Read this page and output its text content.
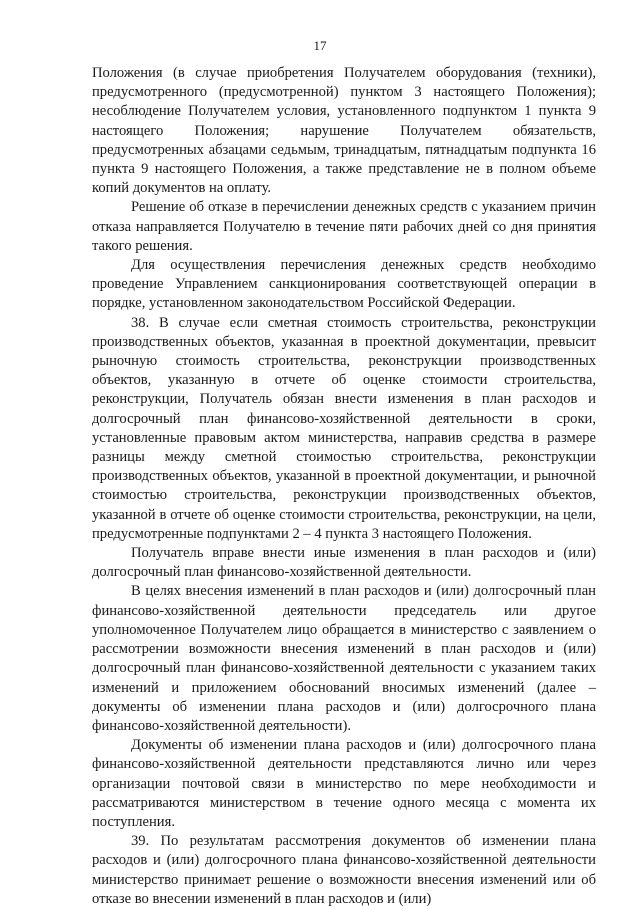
17

Положения (в случае приобретения Получателем оборудования (техники), предусмотренного (предусмотренной) пунктом 3 настоящего Положения); несоблюдение Получателем условия, установленного подпунктом 1 пункта 9 настоящего Положения; нарушение Получателем обязательств, предусмотренных абзацами седьмым, тринадцатым, пятнадцатым подпункта 16 пункта 9 настоящего Положения, а также представление не в полном объеме копий документов на оплату.

Решение об отказе в перечислении денежных средств с указанием причин отказа направляется Получателю в течение пяти рабочих дней со дня принятия такого решения.

Для осуществления перечисления денежных средств необходимо проведение Управлением санкционирования соответствующей операции в порядке, установленном законодательством Российской Федерации.

38. В случае если сметная стоимость строительства, реконструкции производственных объектов, указанная в проектной документации, превысит рыночную стоимость строительства, реконструкции производственных объектов, указанную в отчете об оценке стоимости строительства, реконструкции, Получатель обязан внести изменения в план расходов и долгосрочный план финансово-хозяйственной деятельности в сроки, установленные правовым актом министерства, направив средства в размере разницы между сметной стоимостью строительства, реконструкции производственных объектов, указанной в проектной документации, и рыночной стоимостью строительства, реконструкции производственных объектов, указанной в отчете об оценке стоимости строительства, реконструкции, на цели, предусмотренные подпунктами 2 – 4 пункта 3 настоящего Положения.

Получатель вправе внести иные изменения в план расходов и (или) долгосрочный план финансово-хозяйственной деятельности.

В целях внесения изменений в план расходов и (или) долгосрочный план финансово-хозяйственной деятельности председатель или другое уполномоченное Получателем лицо обращается в министерство с заявлением о рассмотрении возможности внесения изменений в план расходов и (или) долгосрочный план финансово-хозяйственной деятельности с указанием таких изменений и приложением обоснований вносимых изменений (далее – документы об изменении плана расходов и (или) долгосрочного плана финансово-хозяйственной деятельности).

Документы об изменении плана расходов и (или) долгосрочного плана финансово-хозяйственной деятельности представляются лично или через организации почтовой связи в министерство по мере необходимости и рассматриваются министерством в течение одного месяца с момента их поступления.

39. По результатам рассмотрения документов об изменении плана расходов и (или) долгосрочного плана финансово-хозяйственной деятельности министерство принимает решение о возможности внесения изменений или об отказе во внесении изменений в план расходов и (или)
